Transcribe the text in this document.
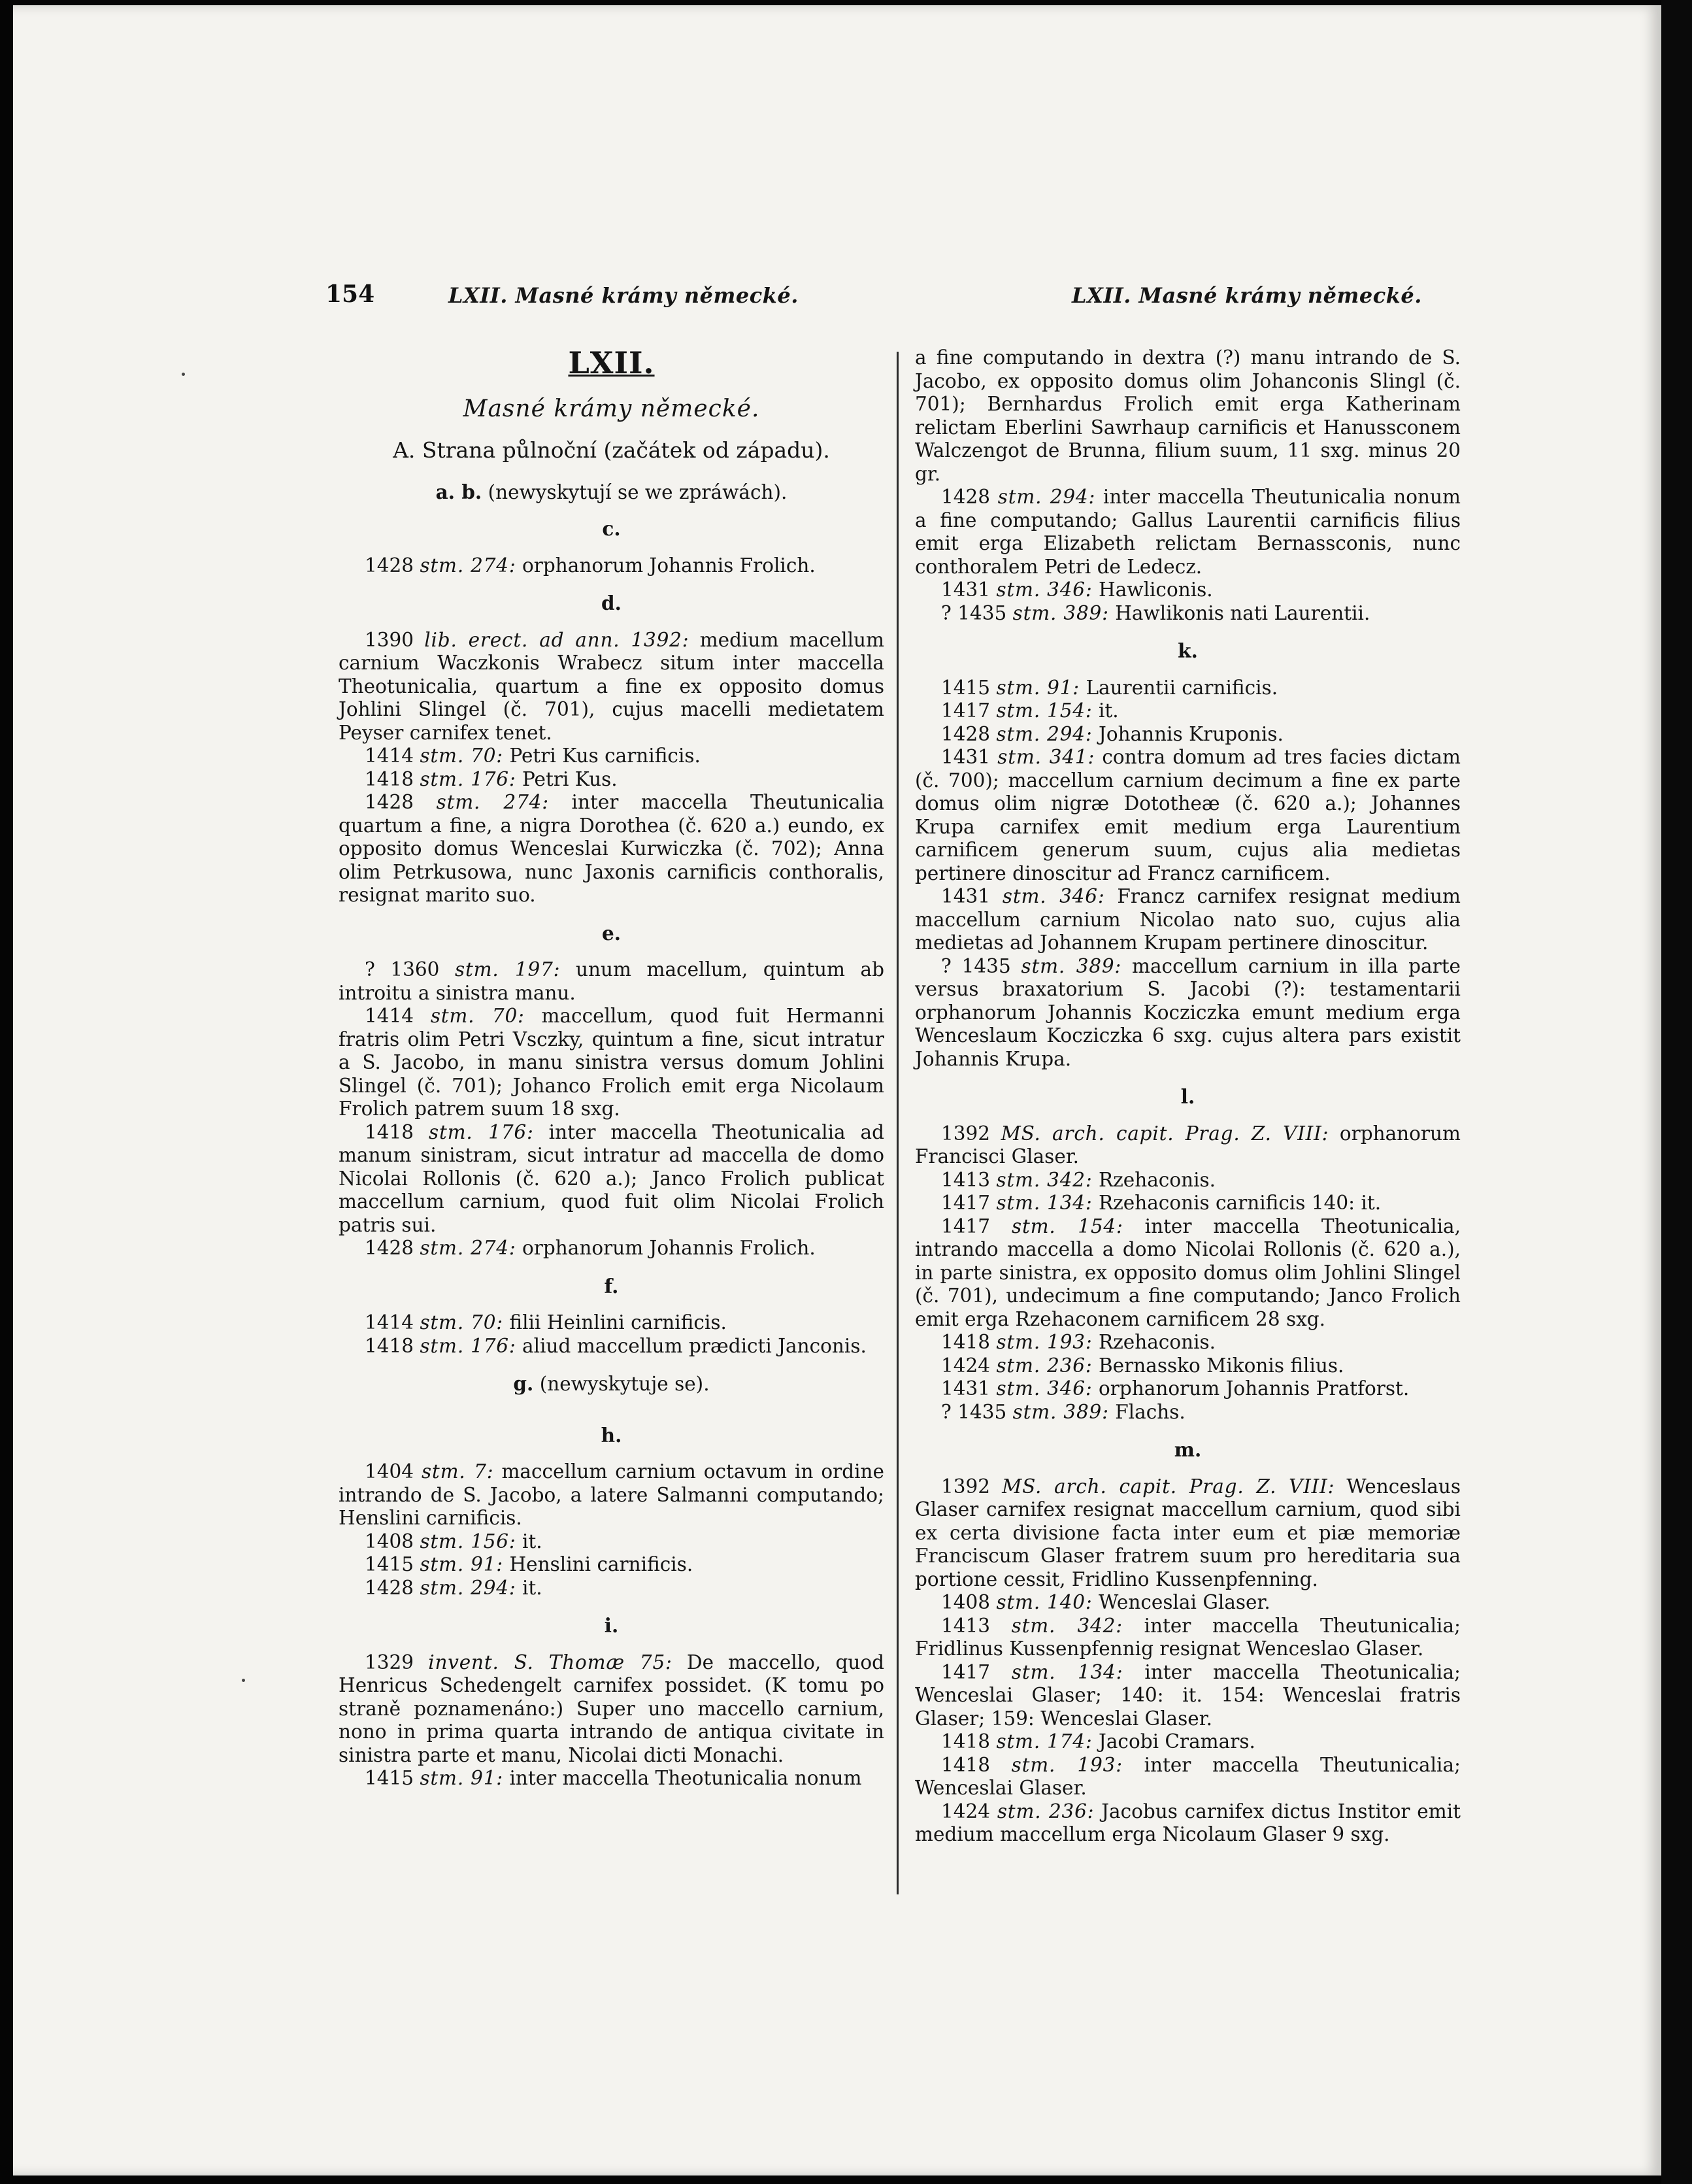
154	LXII. Masné krámy německé.	LXII. Masné krámy německé.
LXII.
Masné krámy německé.
A. Strana půlnoční (začátek od západu).
a. b. (newyskytují se we zpráwách).
c.

1428 stm. 274: orphanorum Johannis Frolich.

d.

1390 lib. erect. ad ann. 1392: medium macellum carnium Waczkonis Wrabecz situm inter maccella Theotunicalia, quartum a fine ex opposito domus Johlini Slingel (č. 701), cujus macelli medietatem Peyser carnifex tenet.

1414 stm. 70: Petri Kus carnificis.

1418 stm. 176: Petri Kus.

1428 stm. 274: inter maccella Theutunicalia quartum a fine, a nigra Dorothea (č. 620 a.) eundo, ex opposito domus Wenceslai Kurwiczka (č. 702); Anna olim Petrkusowa, nunc Jaxonis carnificis conthoralis, resignat marito suo.

e.

? 1360 stm. 197: unum macellum, quintum ab introitu a sinistra manu.

1414 stm. 70: maccellum, quod fuit Hermanni fratris olim Petri Vsczky, quintum a fine, sicut intratur a S. Jacobo, in manu sinistra versus domum Johlini Slingel (č. 701); Johanco Frolich emit erga Nicolaum Frolich patrem suum 18 sxg.

1418 stm. 176: inter maccella Theotunicalia ad manum sinistram, sicut intratur ad maccella de domo Nicolai Rollonis (č. 620 a.); Janco Frolich publicat maccellum carnium, quod fuit olim Nicolai Frolich patris sui.

1428 stm. 274: orphanorum Johannis Frolich.

f.

1414 stm. 70: filii Heinlini carnificis.

1418 stm. 176: aliud maccellum prædicti Janconis.

g. (newyskytuje se).
h.

1404 stm. 7: maccellum carnium octavum in ordine intrando de S. Jacobo, a latere Salmanni computando; Henslini carnificis.

1408 stm. 156: it.

1415 stm. 91: Henslini carnificis.

1428 stm. 294: it.

i.

1329 invent. S. Thomæ 75: De maccello, quod Henricus Schedengelt carnifex possidet. (K tomu po straně poznamenáno:) Super uno maccello carnium, nono in prima quarta intrando de antiqua civitate in sinistra parte et manu, Nicolai dicti Monachi.

1415 stm. 91: inter maccella Theotunicalia nonum

a fine computando in dextra (?) manu intrando de S. Jacobo, ex opposito domus olim Johanconis Slingl (č. 701); Bernhardus Frolich emit erga Katherinam relictam Eberlini Sawrhaup carnificis et Hanussconem Walczengot de Brunna, filium suum, 11 sxg. minus 20 gr.

1428 stm. 294: inter maccella Theutunicalia nonum a fine computando; Gallus Laurentii carnificis filius emit erga Elizabeth relictam Bernassconis, nunc conthoralem Petri de Ledecz.

1431 stm. 346: Hawliconis.

? 1435 stm. 389: Hawlikonis nati Laurentii.

k.

1415 stm. 91: Laurentii carnificis.

1417 stm. 154: it.

1428 stm. 294: Johannis Kruponis.

1431 stm. 341: contra domum ad tres facies dictam (č. 700); maccellum carnium decimum a fine ex parte domus olim nigræ Dototheæ (č. 620 a.); Johannes Krupa carnifex emit medium erga Laurentium carnificem generum suum, cujus alia medietas pertinere dinoscitur ad Francz carnificem.

1431 stm. 346: Francz carnifex resignat medium maccellum carnium Nicolao nato suo, cujus alia medietas ad Johannem Krupam pertinere dinoscitur.

? 1435 stm. 389: maccellum carnium in illa parte versus braxatorium S. Jacobi (?): testamentarii orphanorum Johannis Kocziczka emunt medium erga Wenceslaum Kocziczka 6 sxg. cujus altera pars existit Johannis Krupa.

l.

1392 MS. arch. capit. Prag. Z. VIII: orphanorum Francisci Glaser.

1413 stm. 342: Rzehaconis.

1417 stm. 134: Rzehaconis carnificis 140: it.

1417 stm. 154: inter maccella Theotunicalia, intrando maccella a domo Nicolai Rollonis (č. 620 a.), in parte sinistra, ex opposito domus olim Johlini Slingel (č. 701), undecimum a fine computando; Janco Frolich emit erga Rzehaconem carnificem 28 sxg.

1418 stm. 193: Rzehaconis.

1424 stm. 236: Bernassko Mikonis filius.

1431 stm. 346: orphanorum Johannis Pratforst.

? 1435 stm. 389: Flachs.

m.

1392 MS. arch. capit. Prag. Z. VIII: Wenceslaus Glaser carnifex resignat maccellum carnium, quod sibi ex certa divisione facta inter eum et piæ memoriæ Franciscum Glaser fratrem suum pro hereditaria sua portione cessit, Fridlino Kussenpfenning.

1408 stm. 140: Wenceslai Glaser.

1413 stm. 342: inter maccella Theutunicalia; Fridlinus Kussenpfennig resignat Wenceslao Glaser.

1417 stm. 134: inter maccella Theotunicalia; Wenceslai Glaser; 140: it. 154: Wenceslai fratris Glaser; 159: Wenceslai Glaser.

1418 stm. 174: Jacobi Cramars.

1418 stm. 193: inter maccella Theutunicalia; Wenceslai Glaser.

1424 stm. 236: Jacobus carnifex dictus Institor emit medium maccellum erga Nicolaum Glaser 9 sxg.
